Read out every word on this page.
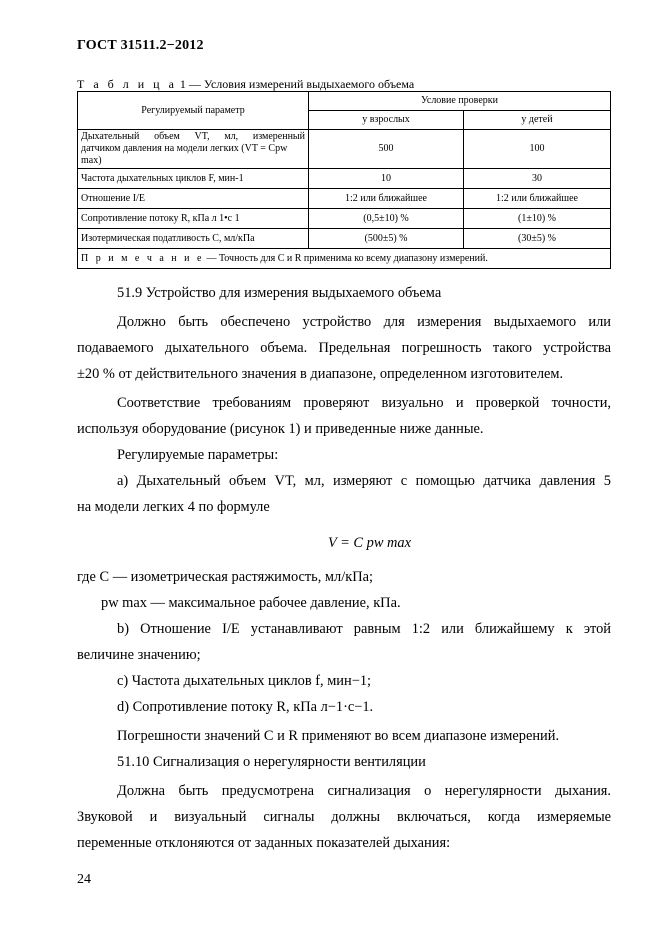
ГОСТ 31511.2−2012
Т а б л и ц а 1 — Условия измерений выдыхаемого объема
Регулируемый параметр	Условие проверки	
	у взрослых	у детей

Дыхательный объем VT, мл, измеренный
датчиком давления на модели легких (VT = Cpw max)	500	100
Частота дыхательных циклов F, мин-1	10	30
Отношение I/E	1:2 или ближайшее	1:2 или ближайшее
Сопротивление потоку R, кПа л 1•с 1	(0,5±10) %	(1±10) %
Изотермическая податливость С, мл/кПа	(500±5) %	(30±5) %
П р и м е ч а н и е — Точность для С и R применима ко всему диапазону измерений.		
51.9 Устройство для измерения выдыхаемого объема
Должно быть обеспечено устройство для измерения выдыхаемого или
подаваемого дыхательного объема. Предельная погрешность такого устройства
±20 % от действительного значения в диапазоне, определенном изготовителем.
Соответствие требованиям проверяют визуально и проверкой точности,
используя оборудование (рисунок 1) и приведенные ниже данные.
Регулируемые параметры:
а) Дыхательный объем VT, мл, измеряют с помощью датчика давления 5
на модели легких 4 по формуле
V = C pw max
где С — изометрическая растяжимость, мл/кПа;
pw max — максимальное рабочее давление, кПа.
b) Отношение I/E устанавливают равным 1:2 или ближайшему к этой
величине значению;
c) Частота дыхательных циклов f, мин−1;
d) Сопротивление потоку R, кПа л−1·с−1.
Погрешности значений С и R применяют во всем диапазоне измерений.
51.10 Сигнализация о нерегулярности вентиляции
Должна быть предусмотрена сигнализация о нерегулярности дыхания.
Звуковой и визуальный сигналы должны включаться, когда измеряемые
переменные отклоняются от заданных показателей дыхания:
24
